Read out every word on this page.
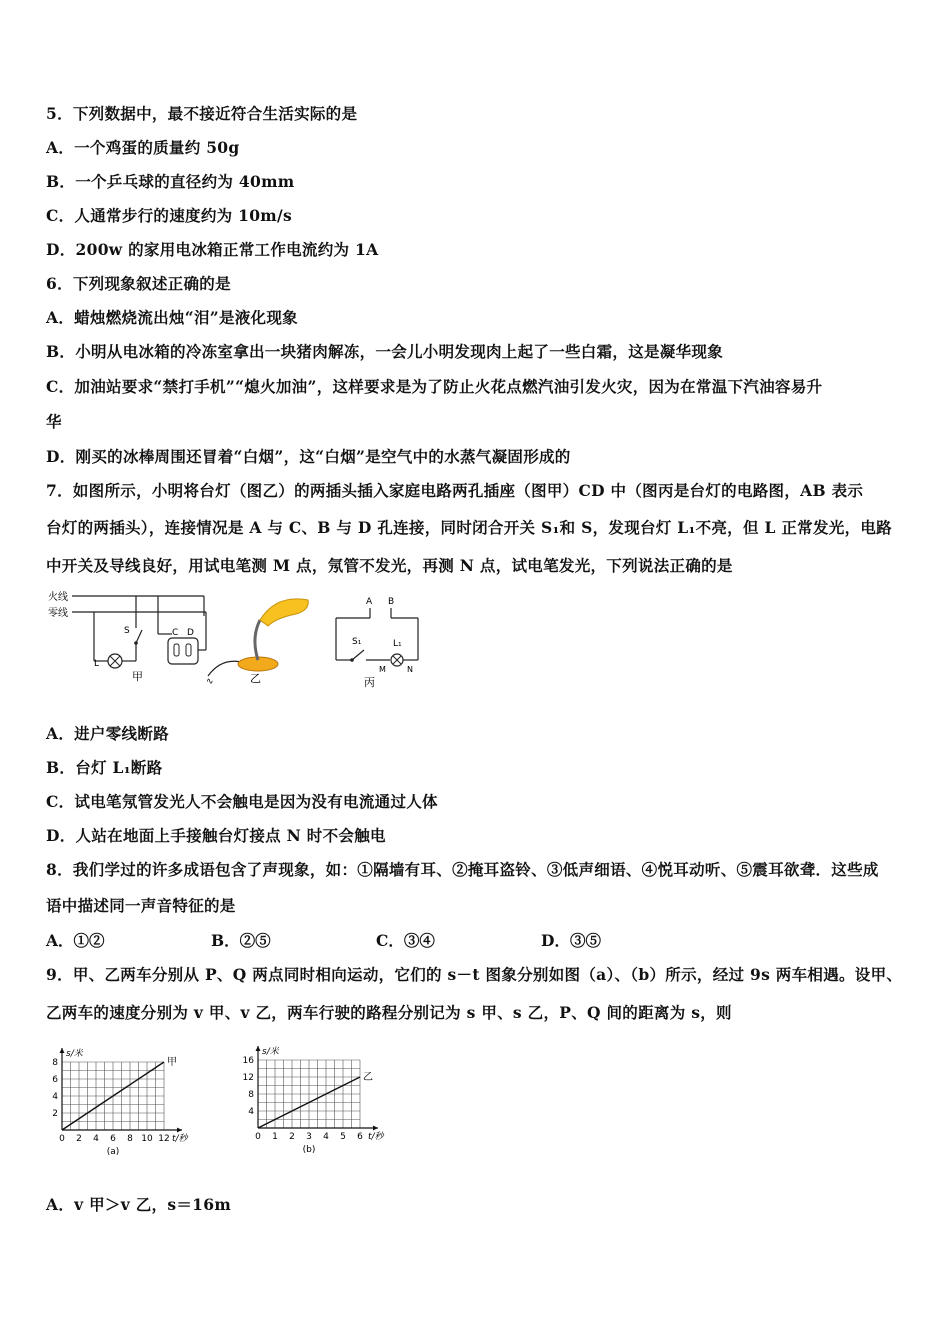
5．下列数据中，最不接近符合生活实际的是
A．一个鸡蛋的质量约 50g
B．一个乒乓球的直径约为 40mm
C．人通常步行的速度约为 10m/s
D．200w 的家用电冰箱正常工作电流约为 1A
6．下列现象叙述正确的是
A．蜡烛燃烧流出烛“泪”是液化现象
B．小明从电冰箱的冷冻室拿出一块猪肉解冻，一会儿小明发现肉上起了一些白霜，这是凝华现象
C．加油站要求“禁打手机”“熄火加油”，这样要求是为了防止火花点燃汽油引发火灾，因为在常温下汽油容易升
华
D．刚买的冰棒周围还冒着“白烟”，这“白烟”是空气中的水蒸气凝固形成的
7．如图所示，小明将台灯（图乙）的两插头插入家庭电路两孔插座（图甲）CD 中（图丙是台灯的电路图，AB 表示
台灯的两插头），连接情况是 A 与 C、B 与 D 孔连接，同时闭合开关 S₁和 S，发现台灯 L₁不亮，但 L 正常发光，电路
中开关及导线良好，用试电笔测 M 点，氖管不发光，再测 N 点，试电笔发光，下列说法正确的是
火线
零线
L
S	C D
甲	∿	乙
A B
S₁	L₁
M	N
丙
A．进户零线断路
B．台灯 L₁断路
C．试电笔氖管发光人不会触电是因为没有电流通过人体
D．人站在地面上手接触台灯接点 N 时不会触电
8．我们学过的许多成语包含了声现象，如：①隔墙有耳、②掩耳盗铃、③低声细语、④悦耳动听、⑤震耳欲聋．这些成
语中描述同一声音特征的是
A．①②	B．②⑤	C．③④	D．③⑤
9．甲、乙两车分别从 P、Q 两点同时相向运动，它们的 s－t 图象分别如图（a）、（b）所示，经过 9s 两车相遇。设甲、
乙两车的速度分别为 v 甲、v 乙，两车行驶的路程分别记为 s 甲、s 乙，P、Q 间的距离为 s，则
0 2 4 6 8 10 12
2
4
6
8
s/米
t/秒
甲
(a)
0 1 2 3 4 5 6
4
8
12
16
s/米
t/秒
乙
(b)
A．v 甲＞v 乙，s＝16m
